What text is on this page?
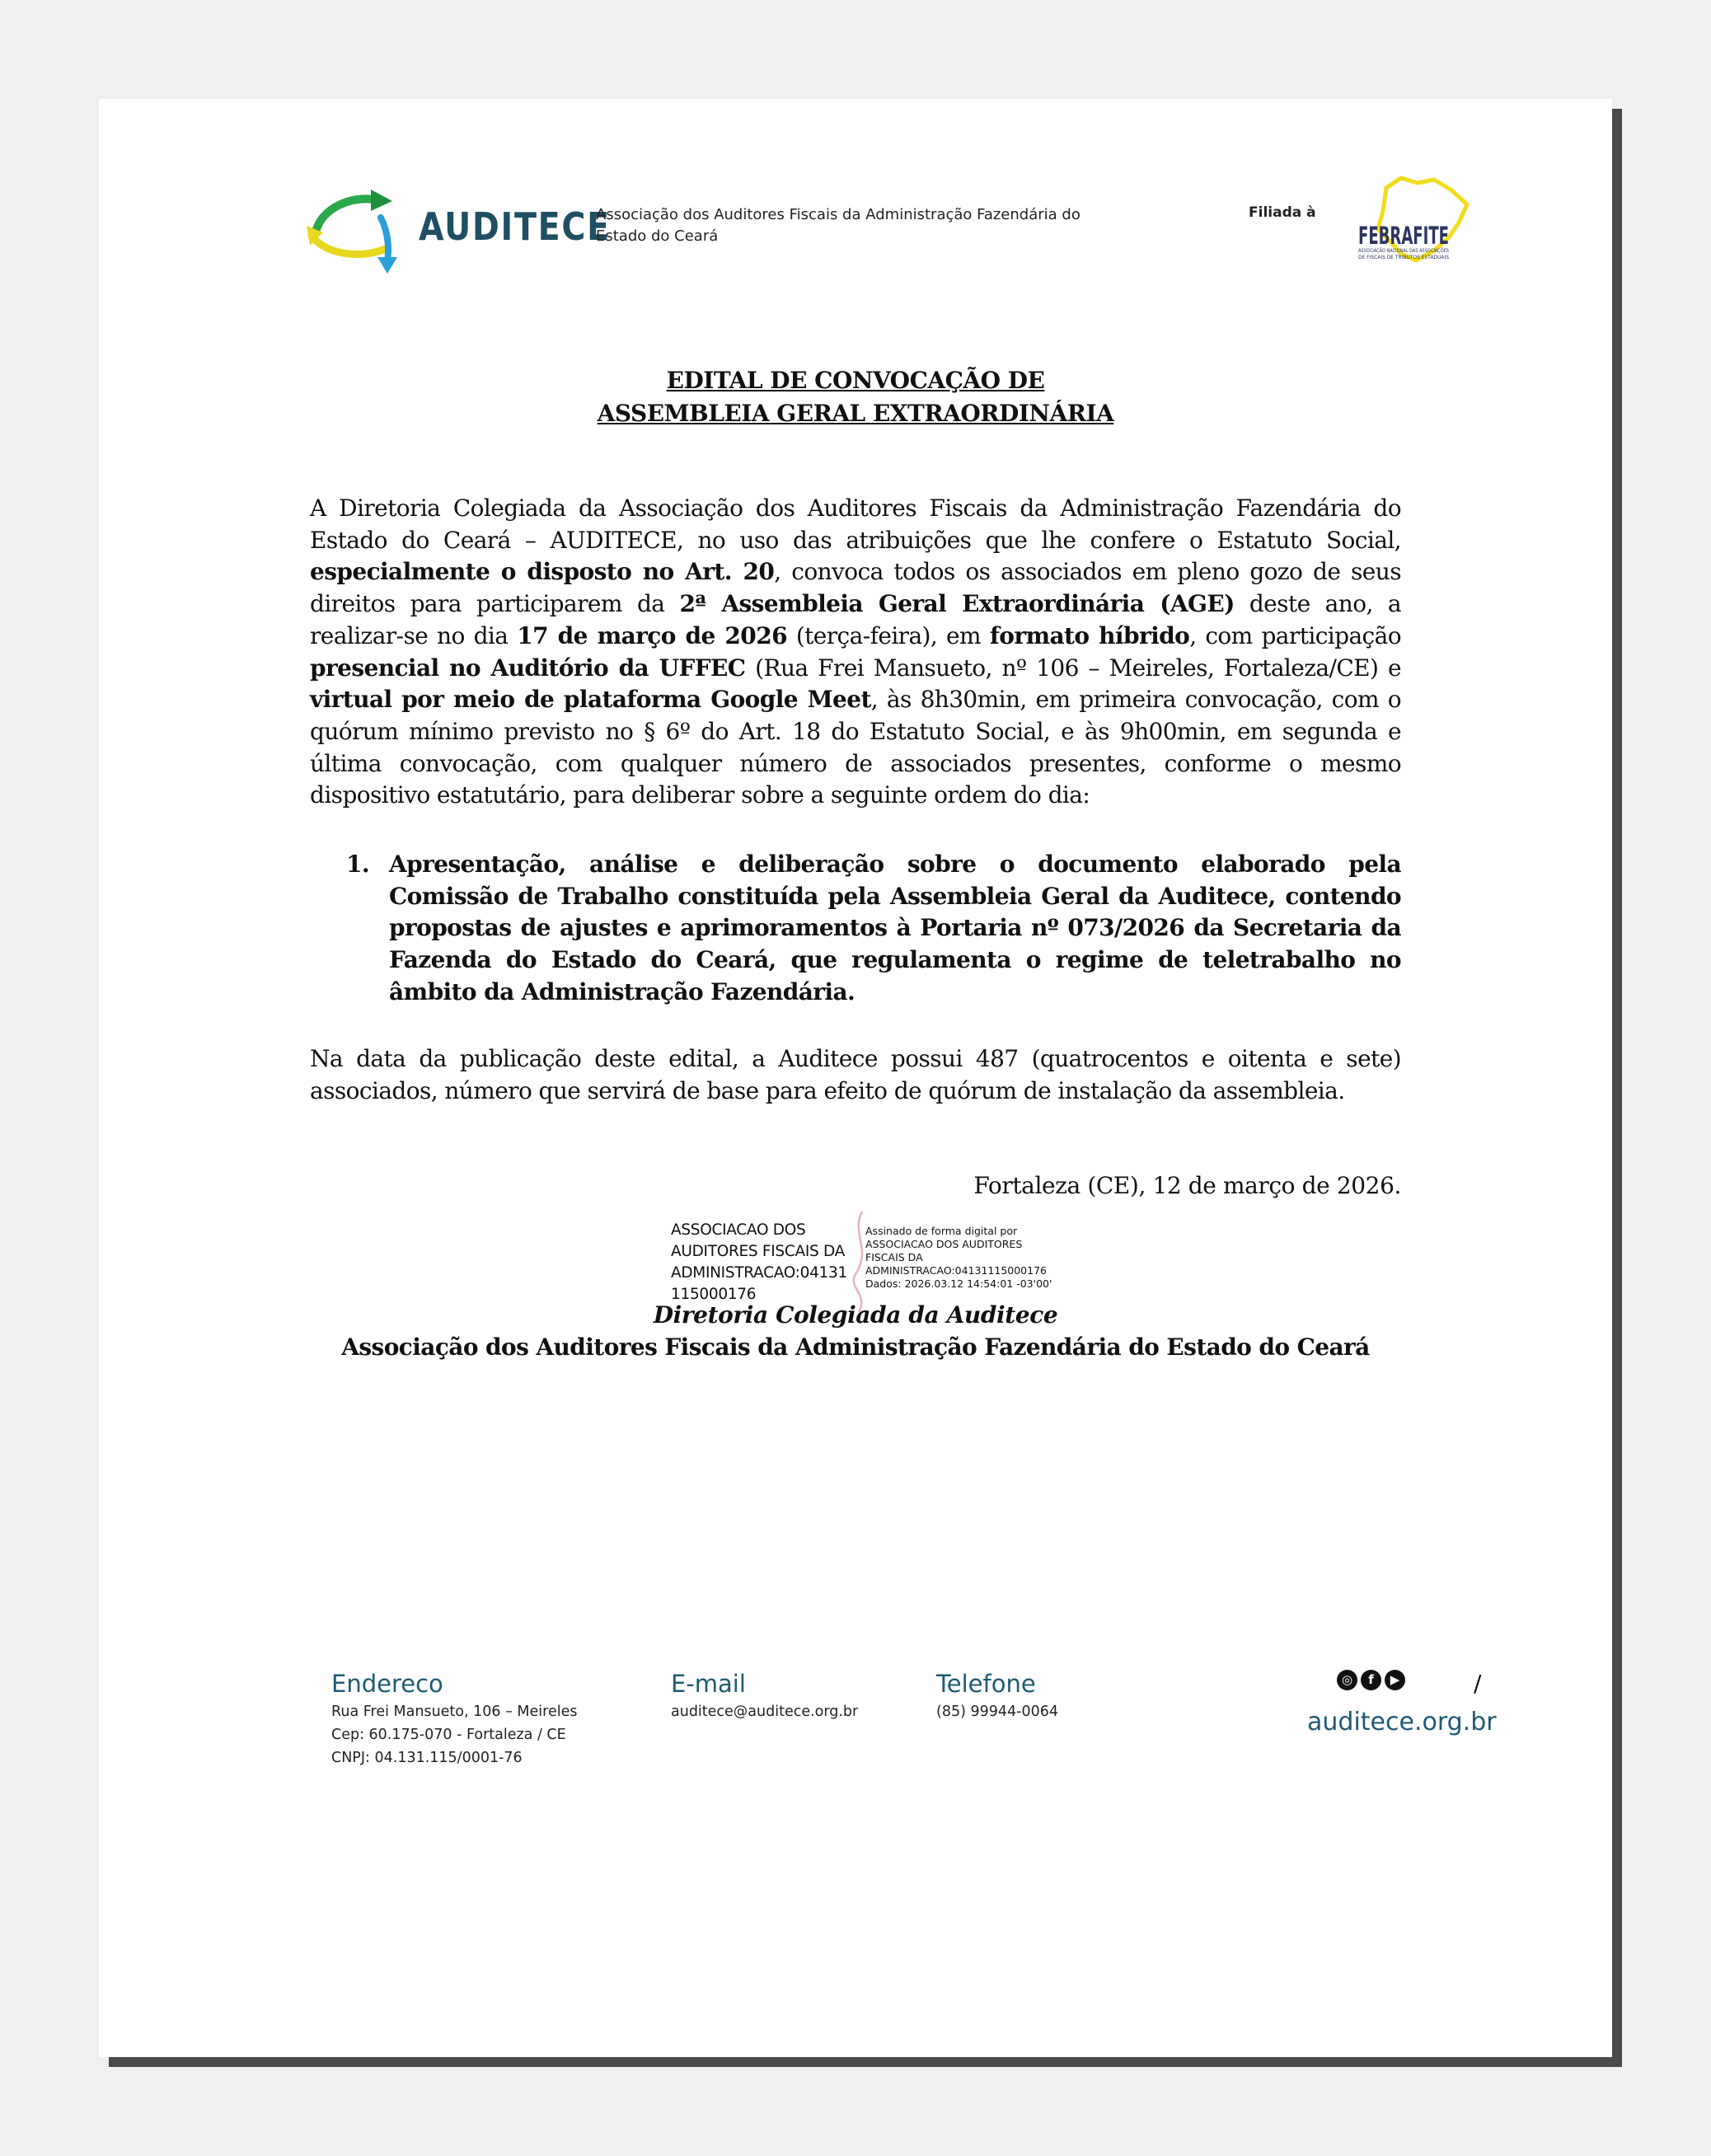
AUDITECE
Associação dos Auditores Fiscais da Administração Fazendária do Estado do Ceará
Filiada à
FEBRAFITE
ASSOCIAÇÃO NACIONAL DAS ASSOCIAÇÕES
DE FISCAIS DE TRIBUTOS ESTADUAIS
EDITAL DE CONVOCAÇÃO DE
ASSEMBLEIA GERAL EXTRAORDINÁRIA

A Diretoria Colegiada da Associação dos Auditores Fiscais da Administração Fazendária do Estado do Ceará – AUDITECE, no uso das atribuições que lhe confere o Estatuto Social, especialmente o disposto no Art. 20, convoca todos os associados em pleno gozo de seus direitos para participarem da 2ª Assembleia Geral Extraordinária (AGE) deste ano, a realizar-se no dia 17 de março de 2026 (terça-feira), em formato híbrido, com participação presencial no Auditório da UFFEC (Rua Frei Mansueto, nº 106 – Meireles, Fortaleza/CE) e virtual por meio de plataforma Google Meet, às 8h30min, em primeira convocação, com o quórum mínimo previsto no § 6º do Art. 18 do Estatuto Social, e às 9h00min, em segunda e última convocação, com qualquer número de associados presentes, conforme o mesmo dispositivo estatutário, para deliberar sobre a seguinte ordem do dia:

1. Apresentação, análise e deliberação sobre o documento elaborado pela Comissão de Trabalho constituída pela Assembleia Geral da Auditece, contendo propostas de ajustes e aprimoramentos à Portaria nº 073/2026 da Secretaria da Fazenda do Estado do Ceará, que regulamenta o regime de teletrabalho no âmbito da Administração Fazendária.

Na data da publicação deste edital, a Auditece possui 487 (quatrocentos e oitenta e sete) associados, número que servirá de base para efeito de quórum de instalação da assembleia.

Fortaleza (CE), 12 de março de 2026.
ASSOCIACAO DOS
AUDITORES FISCAIS DA
ADMINISTRACAO:04131
115000176
Assinado de forma digital por
ASSOCIACAO DOS AUDITORES
FISCAIS DA
ADMINISTRACAO:04131115000176
Dados: 2026.03.12 14:54:01 -03'00'
Diretoria Colegiada da Auditece
Associação dos Auditores Fiscais da Administração Fazendária do Estado do Ceará
Endereco
Rua Frei Mansueto, 106 – Meireles
Cep: 60.175-070 - Fortaleza / CE
CNPJ: 04.131.115/0001-76
E-mail
auditece@auditece.org.br
Telefone
(85) 99944-0064
◎	f	▶	/
auditece.org.br
